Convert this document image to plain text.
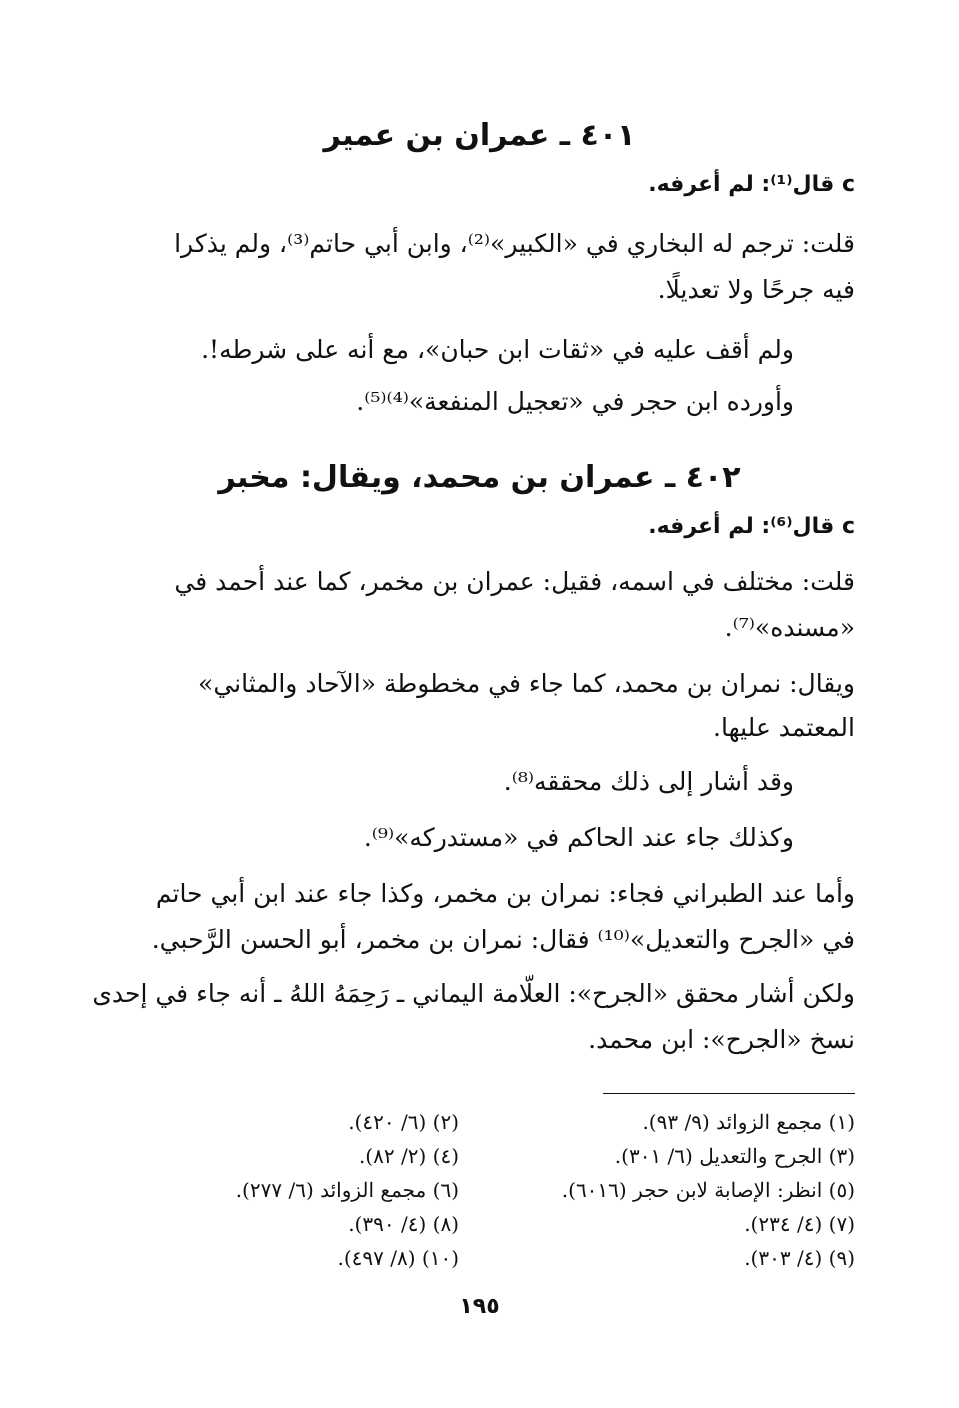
٤٠١ ـ عمران بن عمير
c قال⁽¹⁾: لم أعرفه.
قلت: ترجم له البخاري في «الكبير»⁽²⁾، وابن أبي حاتم⁽³⁾، ولم يذكرا
فيه جرحًا ولا تعديلًا.
ولم أقف عليه في «ثقات ابن حبان»، مع أنه على شرطه!.
وأورده ابن حجر في «تعجيل المنفعة»⁽⁴⁾⁽⁵⁾.
٤٠٢ ـ عمران بن محمد، ويقال: مخبر
c قال⁽⁶⁾: لم أعرفه.
قلت: مختلف في اسمه، فقيل: عمران بن مخمر، كما عند أحمد في
«مسنده»⁽⁷⁾.
ويقال: نمران بن محمد، كما جاء في مخطوطة «الآحاد والمثاني»
المعتمد عليها.
وقد أشار إلى ذلك محققه⁽⁸⁾.
وكذلك جاء عند الحاكم في «مستدركه»⁽⁹⁾.
وأما عند الطبراني فجاء: نمران بن مخمر، وكذا جاء عند ابن أبي حاتم
في «الجرح والتعديل»⁽¹⁰⁾ فقال: نمران بن مخمر، أبو الحسن الرَّحبي.
ولكن أشار محقق «الجرح»: العلّامة اليماني ـ رَحِمَهُ اللهُ ـ أنه جاء في إحدى
نسخ «الجرح»: ابن محمد.
(١) مجمع الزوائد (٩/ ٩٣).
(٣) الجرح والتعديل (٦/ ٣٠١).
(٥) انظر: الإصابة لابن حجر (٦٠١٦).
(٧) (٤/ ٢٣٤).
(٩) (٤/ ٣٠٣).
(٢) (٦/ ٤٢٠).
(٤) (٢/ ٨٢).
(٦) مجمع الزوائد (٦/ ٢٧٧).
(٨) (٤/ ٣٩٠).
(١٠) (٨/ ٤٩٧).
١٩٥
